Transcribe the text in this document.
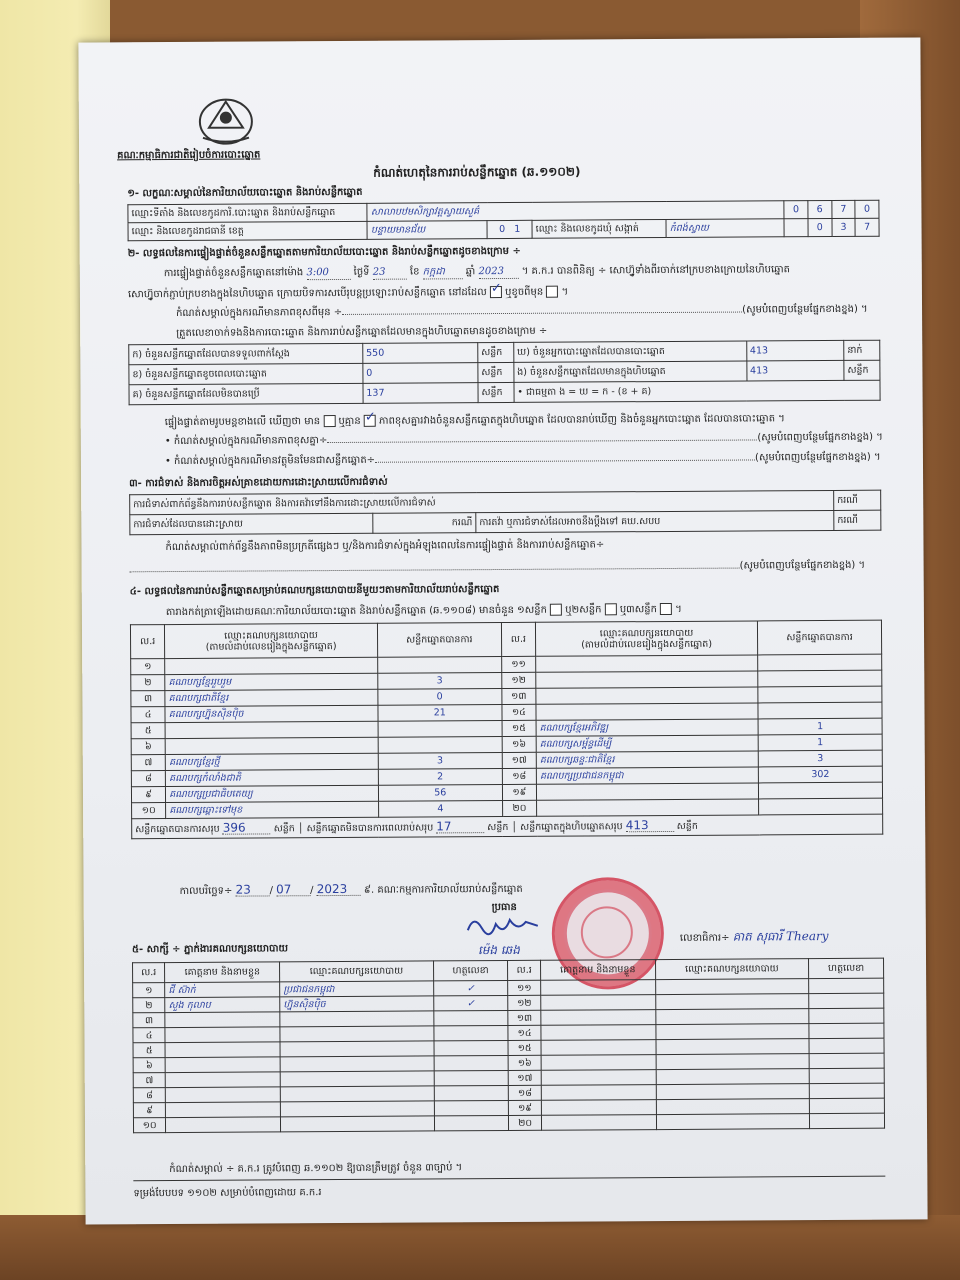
គណៈកម្មាធិការជាតិរៀបចំការបោះឆ្នោត
កំណត់ហេតុនៃការរាប់សន្លឹកឆ្នោត (ឆ.១១០២)
១- លក្ខណៈសម្គាល់នៃការិយាល័យបោះឆ្នោត និងរាប់សន្លឹកឆ្នោត
ឈ្មោះទីតាំង និងលេខកូដការិ.បោះឆ្នោត និងរាប់សន្លឹកឆ្នោត	សាលាបឋមសិក្សាវត្តស្វាយសួគ៌				0	6	7	0
ឈ្មោះ និងលេខកូដរាជធានី ខេត្ត	បន្ទាយមានជ័យ	0 1	ឈ្មោះ និងលេខកូដឃុំ សង្កាត់	កំពង់ស្វាយ		0	3	7
២- លទ្ធផលនៃការផ្ទៀងផ្ទាត់ចំនួនសន្លឹកឆ្នោតតាមការិយាល័យបោះឆ្នោត និងរាប់សន្លឹកឆ្នោតដូចខាងក្រោម ÷
ការផ្ទៀងផ្ទាត់ចំនួនសន្លឹកឆ្នោតនៅម៉ោង 3:00 ថ្ងៃទី 23 ខែ កក្កដា ឆ្នាំ 2023 ។ គ.ក.រ បានពិនិត្យ ÷ សោហ្វ៊ូទាំងពីរចាក់នៅក្របខាងក្រោយនៃហិបឆ្នោត
សោហ្វ៊ូចាក់ភ្ជាប់ក្របខាងក្នុងនៃហិបឆ្នោត ក្រោយបិទការសបើរុបន្តប្រឡោះរាប់សន្លឹកឆ្នោត នៅដដែល ✓ ឬខូចពីមុន  ។
កំណត់សម្គាល់ក្នុងករណីមានភាពខុសពីមុន ÷	(សូមបំពេញបន្ថែមផ្នែកខាងខ្នង) ។
ត្រួតលេខាចាក់ទងនិងការបោះឆ្នោត និងការរាប់សន្លឹកឆ្នោតដែលមានក្នុងហិបឆ្នោតមានដូចខាងក្រោម ÷
ក) ចំនួនសន្លឹកឆ្នោតដែលបានទទួលពាក់ស្តែង	550	សន្លឹក	ឃ) ចំនួនអ្នកបោះឆ្នោតដែលបានបោះឆ្នោត	413	នាក់
ខ) ចំនួនសន្លឹកឆ្នោតខូចពេលបោះឆ្នោត	0	សន្លឹក	ង) ចំនួនសន្លឹកឆ្នោតដែលមានក្នុងហិបឆ្នោត	413	សន្លឹក
គ) ចំនួនសន្លឹកឆ្នោតដែលមិនបានប្រើ	137	សន្លឹក	• ជាធម្មតា ង = ឃ = ក - (ខ + គ)		
ផ្ទៀងផ្ទាត់តាមរូបមន្តខាងលើ ឃើញថា មាន ឬគ្មាន ✓ ភាពខុសគ្នារវាងចំនួនសន្លឹកឆ្នោតក្នុងហិបឆ្នោត ដែលបានរាប់ឃើញ និងចំនួនអ្នកបោះឆ្នោត ដែលបានបោះឆ្នោត ។
• កំណត់សម្គាល់ក្នុងករណីមានភាពខុសគ្នា÷	(សូមបំពេញបន្ថែមផ្នែកខាងខ្នង) ។
• កំណត់សម្គាល់ក្នុងករណីមានវត្ថុមិនមែនជាសន្លឹកឆ្នោត÷	(សូមបំពេញបន្ថែមផ្នែកខាងខ្នង) ។
៣- ការជំទាស់ និងការចិត្តអស់គ្រាខដោយការដោះស្រាយលើការជំទាស់
ការជំទាស់ពាក់ព័ន្ធនឹងការរាប់សន្លឹកឆ្នោត និងការតវ៉ាទៅនឹងការដោះស្រាយលើការជំទាស់			ករណី
ការជំទាស់ដែលបានដោះស្រាយ	ករណី	ការតវ៉ា ឬការជំទាស់ដែលអាចនឹងប្តឹងទៅ គឃ.សបប	ករណី
កំណត់សម្គាល់ពាក់ព័ន្ធនឹងភាពមិនប្រក្រតីផ្សេងៗ ឬ/និងការជំទាស់ក្នុងអំឡុងពេលនៃការផ្ទៀងផ្ទាត់ និងការរាប់សន្លឹកឆ្នោត÷
(សូមបំពេញបន្ថែមផ្នែកខាងខ្នង) ។
៤- លទ្ធផលនៃការរាប់សន្លឹកឆ្នោតសម្រាប់គណបក្សនយោបាយនីមួយៗតាមការិយាល័យរាប់សន្លឹកឆ្នោត
តារាងកត់ត្រាឡើងដោយគណៈការិយាល័យបោះឆ្នោត និងរាប់សន្លឹកឆ្នោត (ឆ.១១០៨) មានចំនួន ១សន្លឹក ឬ២សន្លឹក ឬ៣សន្លឹក  ។
ល.រ	ឈ្មោះគណបក្សនយោបាយ
(តាមលំដាប់លេខរៀងក្នុងសន្លឹកឆ្នោត)	សន្លឹកឆ្នោតបានការ	ល.រ	ឈ្មោះគណបក្សនយោបាយ
(តាមលំដាប់លេខរៀងក្នុងសន្លឹកឆ្នោត)	សន្លឹកឆ្នោតបានការ
១			១១		
២	គណបក្សខ្មែររួបរួម	3	១២		
៣	គណបក្សជាតិខ្មែរ	0	១៣		
៤	គណបក្សហ្វ៊ុនស៊ិនប៉ិច	21	១៤		
៥			១៥	គណបក្សខ្មែរអភិវឌ្ឍ	1
៦			១៦	គណបក្សសម្ព័ន្ធដើម្បី	1
៧	គណបក្សខ្មែរថ្មី	3	១៧	គណបក្សឆន្ទៈជាតិខ្មែរ	3
៨	គណបក្សកំលាំងជាតិ	2	១៨	គណបក្សប្រជាជនកម្ពុជា	302
៩	គណបក្សប្រជាធិបតេយ្យ	56	១៩		
១០	គណបក្សឆ្ពោះទៅមុខ	4	២០		
សន្លឹកឆ្នោតបានការសរុប 396 សន្លឹក │ សន្លឹកឆ្នោតមិនបានការពេលរាប់សរុប 17 សន្លឹក │ សន្លឹកឆ្នោតក្នុងហិបឆ្នោតសរុប 413 សន្លឹក					
កាលបរិច្ឆេទ÷ 23 / 07 / 2023 ៩. គណៈកម្មការការិយាល័យរាប់សន្លឹកឆ្នោត
ប្រធាន
ម៉េង ឆេង
លេខាធិការ÷ គាត សុធារី Theary
៥- សាក្សី ÷ ភ្នាក់ងារគណបក្សនយោបាយ
ល.រ	គោត្តនាម និងនាមខ្លួន	ឈ្មោះគណបក្សនយោបាយ	ហត្ថលេខា	ល.រ	គោត្តនាម និងនាមខ្លួន	ឈ្មោះគណបក្សនយោបាយ	ហត្ថលេខា
១	ជី ស៊ាក់	ប្រជាជនកម្ពុជា	✓	១១			
២	សួង កុលាប	ហ្វ៊ុនស៊ិនប៉ិច	✓	១២			
៣				១៣			
៤				១៤			
៥				១៥			
៦				១៦			
៧				១៧			
៨				១៨			
៩				១៩			
១០				២០			
កំណត់សម្គាល់ ÷ គ.ក.រ ត្រូវបំពេញ ឆ.១១០២ ឱ្យបានត្រឹមត្រូវ ចំនួន ៣ច្បាប់ ។
ទម្រង់បែបបទ ១១០២ សម្រាប់បំពេញដោយ គ.ក.រ
